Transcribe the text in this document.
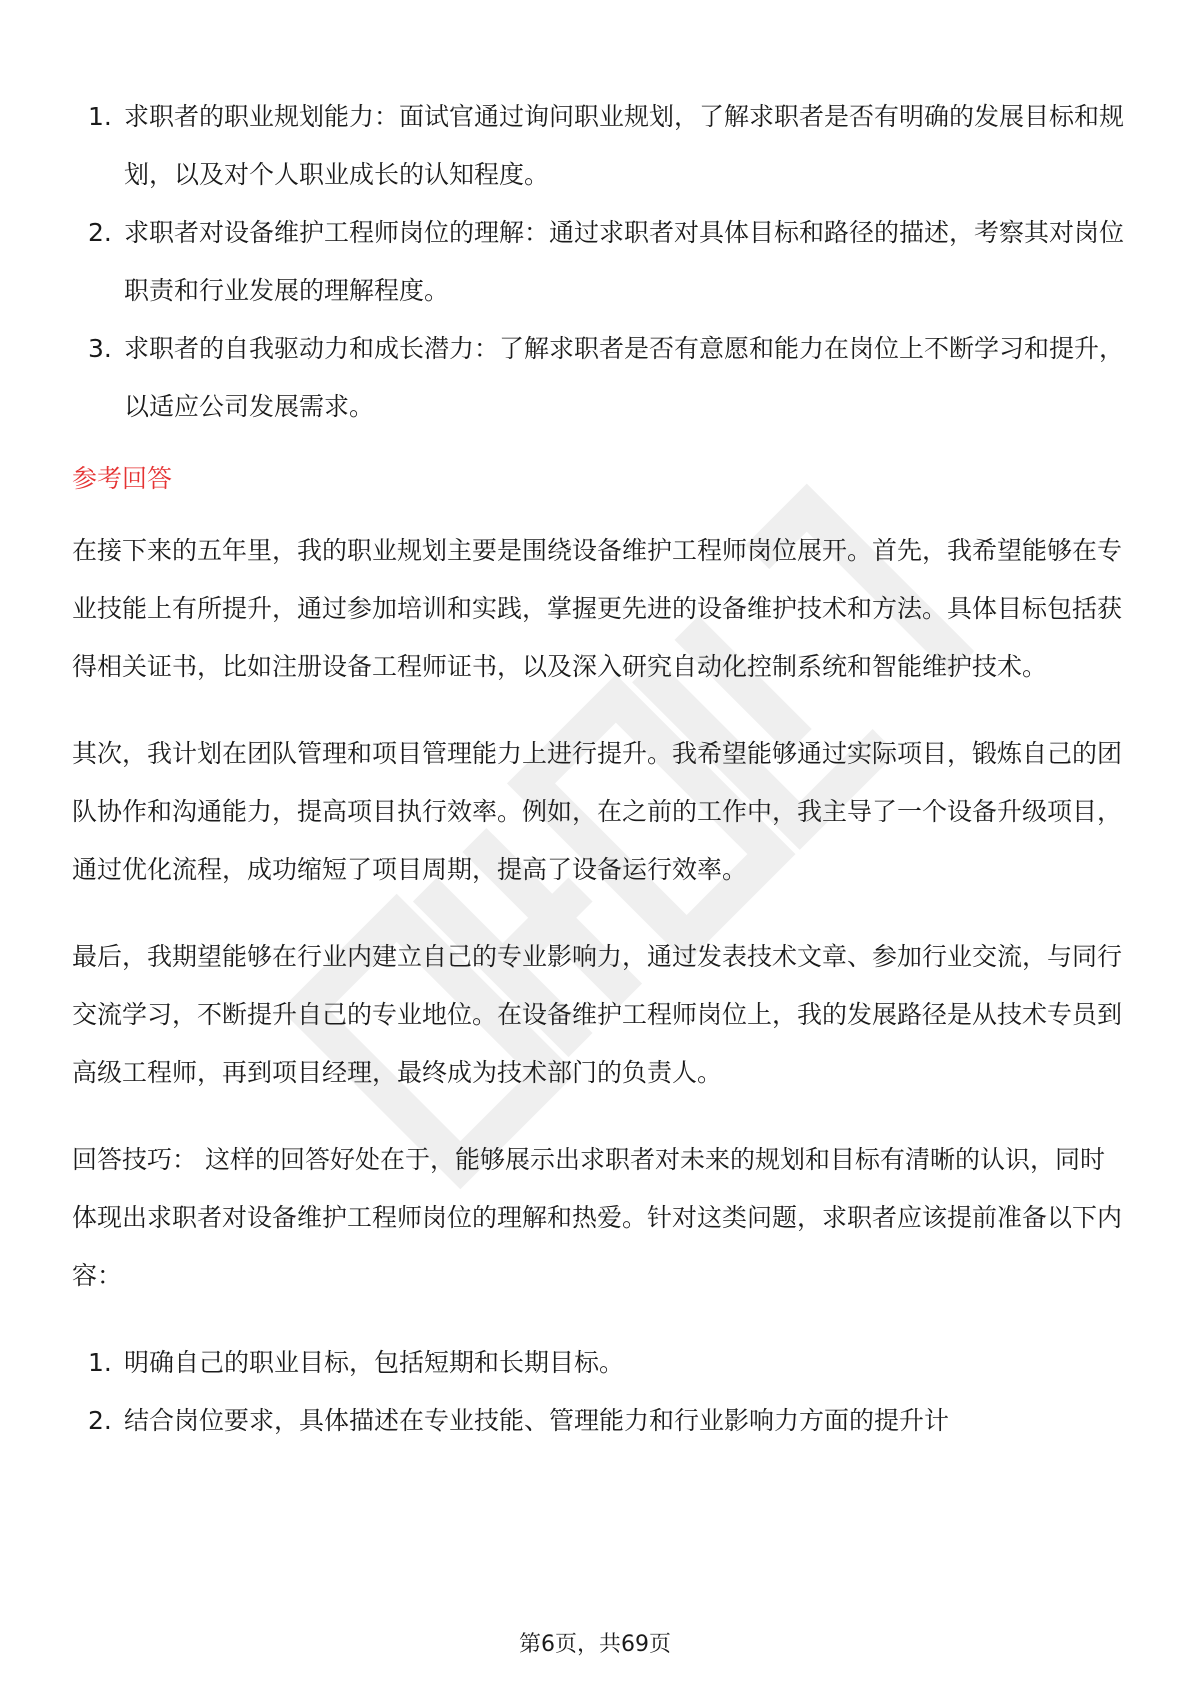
1. 求职者的职业规划能力：面试官通过询问职业规划，了解求职者是否有明确的发展目标和规划，以及对个人职业成长的认知程度。
2. 求职者对设备维护工程师岗位的理解：通过求职者对具体目标和路径的描述，考察其对岗位职责和行业发展的理解程度。
3. 求职者的自我驱动力和成长潜力：了解求职者是否有意愿和能力在岗位上不断学习和提升，以适应公司发展需求。
参考回答

在接下来的五年里，我的职业规划主要是围绕设备维护工程师岗位展开。首先，我希望能够在专业技能上有所提升，通过参加培训和实践，掌握更先进的设备维护技术和方法。具体目标包括获得相关证书，比如注册设备工程师证书，以及深入研究自动化控制系统和智能维护技术。

其次，我计划在团队管理和项目管理能力上进行提升。我希望能够通过实际项目，锻炼自己的团队协作和沟通能力，提高项目执行效率。例如，在之前的工作中，我主导了一个设备升级项目，通过优化流程，成功缩短了项目周期，提高了设备运行效率。

最后，我期望能够在行业内建立自己的专业影响力，通过发表技术文章、参加行业交流，与同行交流学习，不断提升自己的专业地位。在设备维护工程师岗位上，我的发展路径是从技术专员到高级工程师，再到项目经理，最终成为技术部门的负责人。

回答技巧： 这样的回答好处在于，能够展示出求职者对未来的规划和目标有清晰的认识，同时体现出求职者对设备维护工程师岗位的理解和热爱。针对这类问题，求职者应该提前准备以下内容：

1. 明确自己的职业目标，包括短期和长期目标。
2. 结合岗位要求，具体描述在专业技能、管理能力和行业影响力方面的提升计
第6页，共69页
